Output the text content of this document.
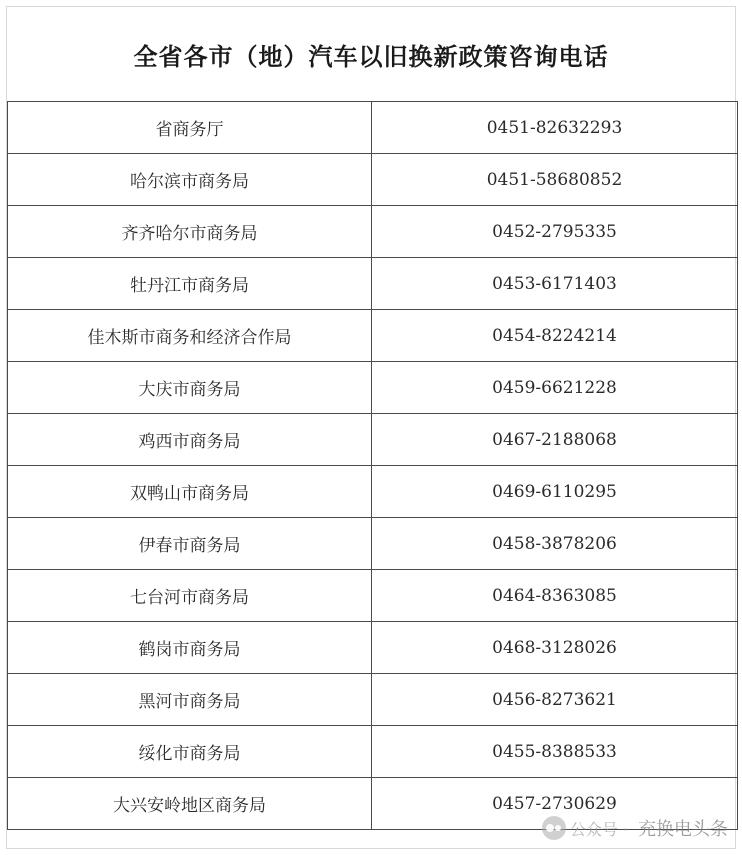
全省各市（地）汽车以旧换新政策咨询电话
省商务厅	0451-82632293
哈尔滨市商务局	0451-58680852
齐齐哈尔市商务局	0452-2795335
牡丹江市商务局	0453-6171403
佳木斯市商务和经济合作局	0454-8224214
大庆市商务局	0459-6621228
鸡西市商务局	0467-2188068
双鸭山市商务局	0469-6110295
伊春市商务局	0458-3878206
七台河市商务局	0464-8363085
鹤岗市商务局	0468-3128026
黑河市商务局	0456-8273621
绥化市商务局	0455-8388533
大兴安岭地区商务局	0457-2730629
公众号 · 充换电头条
